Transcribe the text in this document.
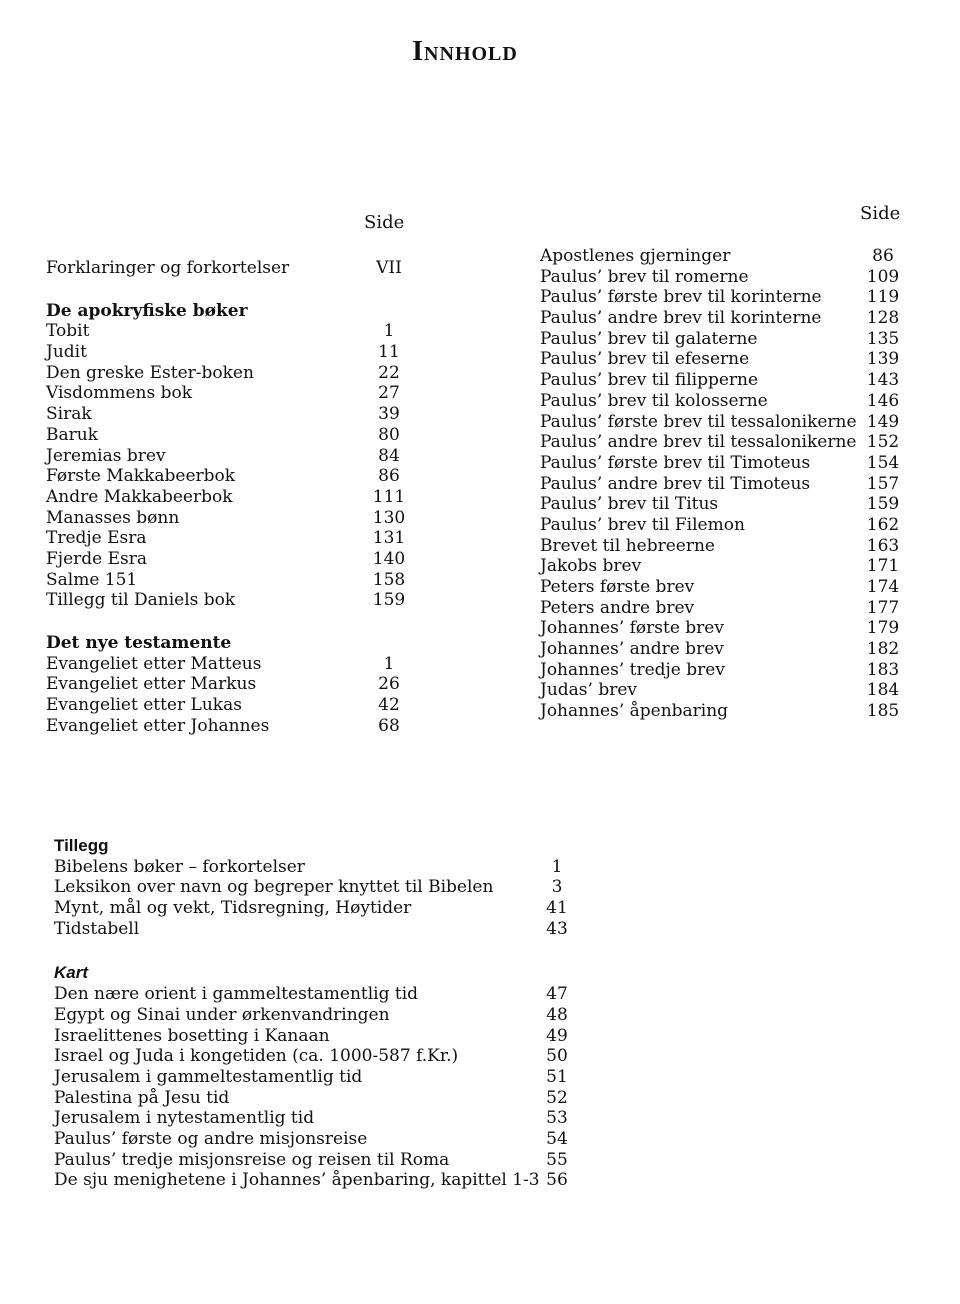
Innhold
Side	Side
Forklaringer og forkortelser	VII
De apokryfiske bøker
Tobit	1
Judit	11
Den greske Ester-boken	22
Visdommens bok	27
Sirak	39
Baruk	80
Jeremias brev	84
Første Makkabeerbok	86
Andre Makkabeerbok	111
Manasses bønn	130
Tredje Esra	131
Fjerde Esra	140
Salme 151	158
Tillegg til Daniels bok	159
Det nye testamente
Evangeliet etter Matteus	1
Evangeliet etter Markus	26
Evangeliet etter Lukas	42
Evangeliet etter Johannes	68
Apostlenes gjerninger	86
Paulus’ brev til romerne	109
Paulus’ første brev til korinterne	119
Paulus’ andre brev til korinterne	128
Paulus’ brev til galaterne	135
Paulus’ brev til efeserne	139
Paulus’ brev til filipperne	143
Paulus’ brev til kolosserne	146
Paulus’ første brev til tessalonikerne 149
Paulus’ andre brev til tessalonikerne 152
Paulus’ første brev til Timoteus	154
Paulus’ andre brev til Timoteus	157
Paulus’ brev til Titus	159
Paulus’ brev til Filemon	162
Brevet til hebreerne	163
Jakobs brev	171
Peters første brev	174
Peters andre brev	177
Johannes’ første brev	179
Johannes’ andre brev	182
Johannes’ tredje brev	183
Judas’ brev	184
Johannes’ åpenbaring	185
Tillegg
Bibelens bøker – forkortelser	1
Leksikon over navn og begreper knyttet til Bibelen	3
Mynt, mål og vekt, Tidsregning, Høytider	41
Tidstabell	43
Kart
Den nære orient i gammeltestamentlig tid	47
Egypt og Sinai under ørkenvandringen	48
Israelittenes bosetting i Kanaan	49
Israel og Juda i kongetiden (ca. 1000-587 f.Kr.)	50
Jerusalem i gammeltestamentlig tid	51
Palestina på Jesu tid	52
Jerusalem i nytestamentlig tid	53
Paulus’ første og andre misjonsreise	54
Paulus’ tredje misjonsreise og reisen til Roma	55
De sju menighetene i Johannes’ åpenbaring, kapittel 1-3 56
